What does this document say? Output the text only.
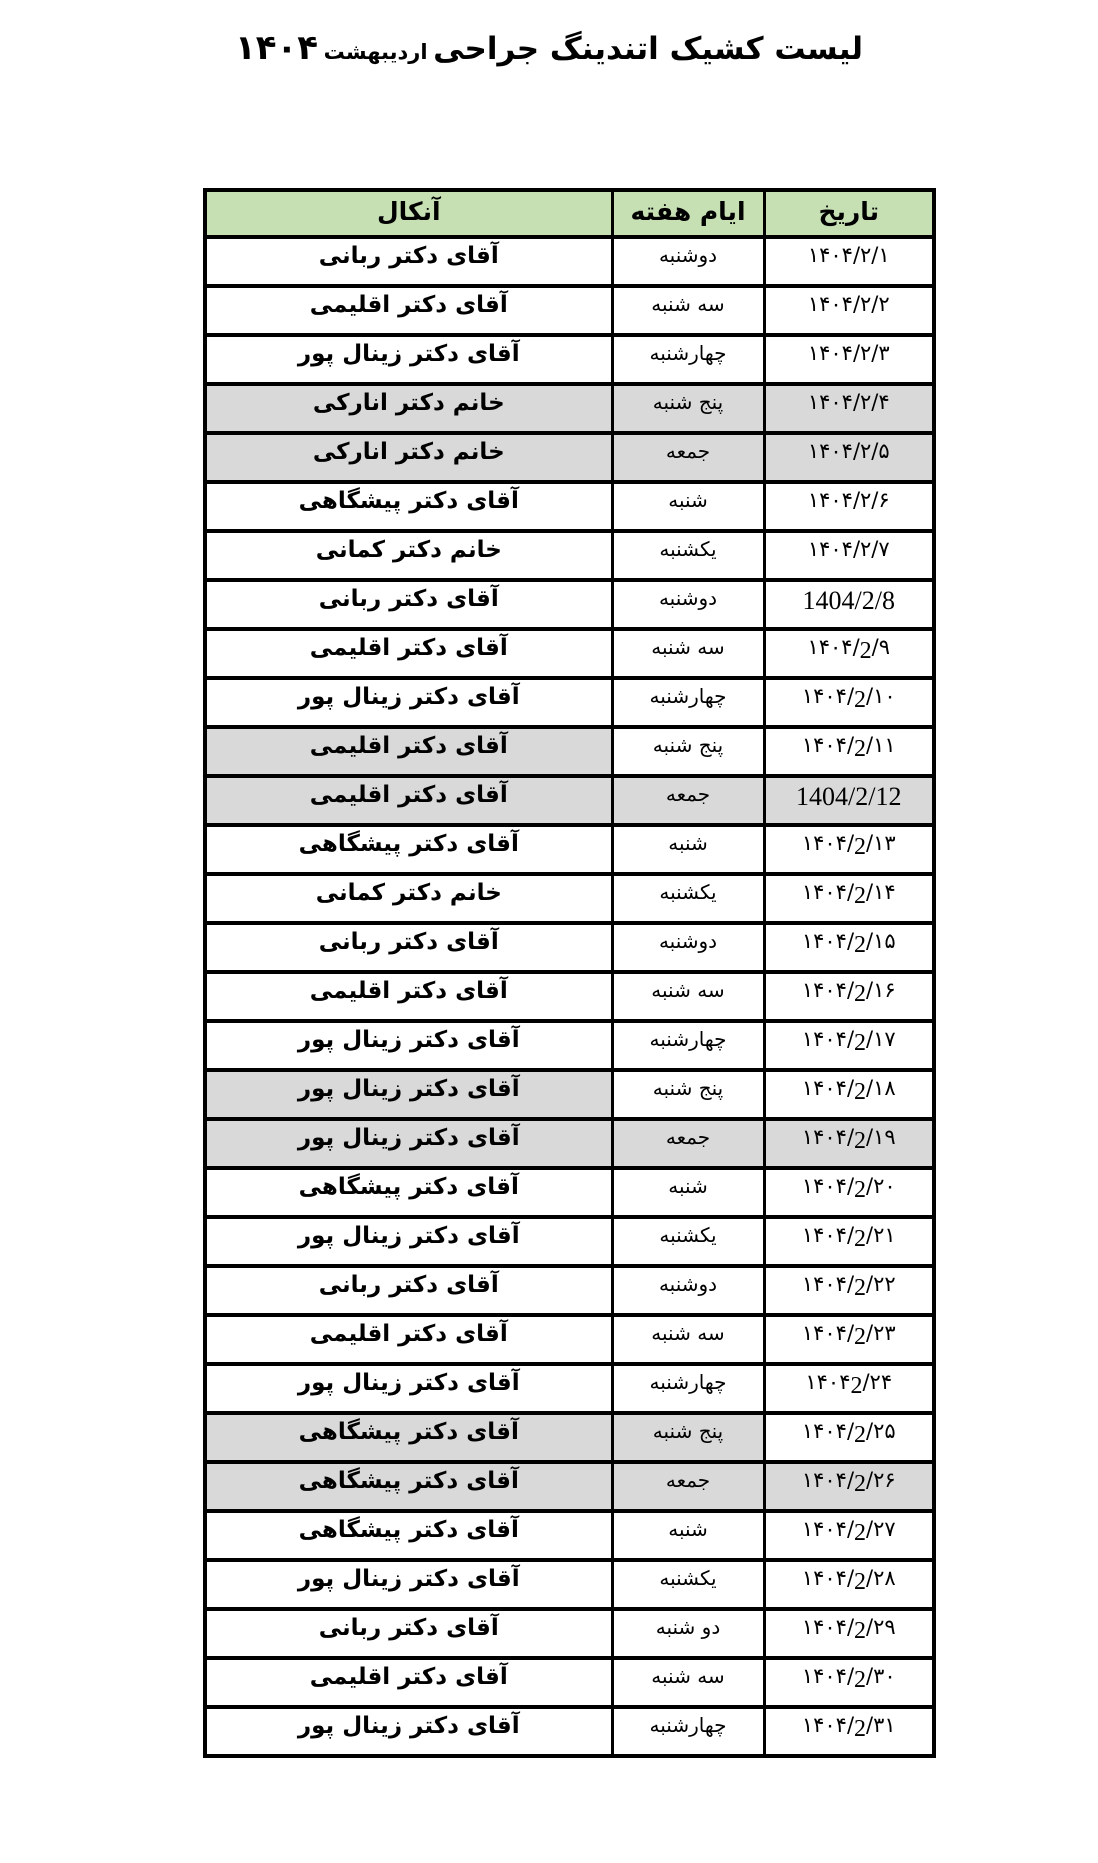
لیست کشیک اتندینگ جراحی اردیبهشت ۱۴۰۴
تاریخ	ایام هفته	آنکال
۱۴۰۴/۲/۱	دوشنبه	آقای دکتر ربانی
۱۴۰۴/۲/۲	سه شنبه	آقای دکتر اقلیمی
۱۴۰۴/۲/۳	چهارشنبه	آقای دکتر زینال پور
۱۴۰۴/۲/۴	پنج شنبه	خانم دکتر انارکی
۱۴۰۴/۲/۵	جمعه	خانم دکتر انارکی
۱۴۰۴/۲/۶	شنبه	آقای دکتر پیشگاهی
۱۴۰۴/۲/۷	یکشنبه	خانم دکتر کمانی
1404/2/8	دوشنبه	آقای دکتر ربانی
۱۴۰۴/2/۹	سه شنبه	آقای دکتر اقلیمی
۱۴۰۴/2/۱۰	چهارشنبه	آقای دکتر زینال پور
۱۴۰۴/2/۱۱	پنج شنبه	آقای دکتر اقلیمی
1404/2/12	جمعه	آقای دکتر اقلیمی
۱۴۰۴/2/۱۳	شنبه	آقای دکتر پیشگاهی
۱۴۰۴/2/۱۴	یکشنبه	خانم دکتر کمانی
۱۴۰۴/2/۱۵	دوشنبه	آقای دکتر ربانی
۱۴۰۴/2/۱۶	سه شنبه	آقای دکتر اقلیمی
۱۴۰۴/2/۱۷	چهارشنبه	آقای دکتر زینال پور
۱۴۰۴/2/۱۸	پنج شنبه	آقای دکتر زینال پور
۱۴۰۴/2/۱۹	جمعه	آقای دکتر زینال پور
۱۴۰۴/2/۲۰	شنبه	آقای دکتر پیشگاهی
۱۴۰۴/2/۲۱	یکشنبه	آقای دکتر زینال پور
۱۴۰۴/2/۲۲	دوشنبه	آقای دکتر ربانی
۱۴۰۴/2/۲۳	سه شنبه	آقای دکتر اقلیمی
۱۴۰۴2/۲۴	چهارشنبه	آقای دکتر زینال پور
۱۴۰۴/2/۲۵	پنج شنبه	آقای دکتر پیشگاهی
۱۴۰۴/2/۲۶	جمعه	آقای دکتر پیشگاهی
۱۴۰۴/2/۲۷	شنبه	آقای دکتر پیشگاهی
۱۴۰۴/2/۲۸	یکشنبه	آقای دکتر زینال پور
۱۴۰۴/2/۲۹	دو شنبه	آقای دکتر ربانی
۱۴۰۴/2/۳۰	سه شنبه	آقای دکتر اقلیمی
۱۴۰۴/2/۳۱	چهارشنبه	آقای دکتر زینال پور
